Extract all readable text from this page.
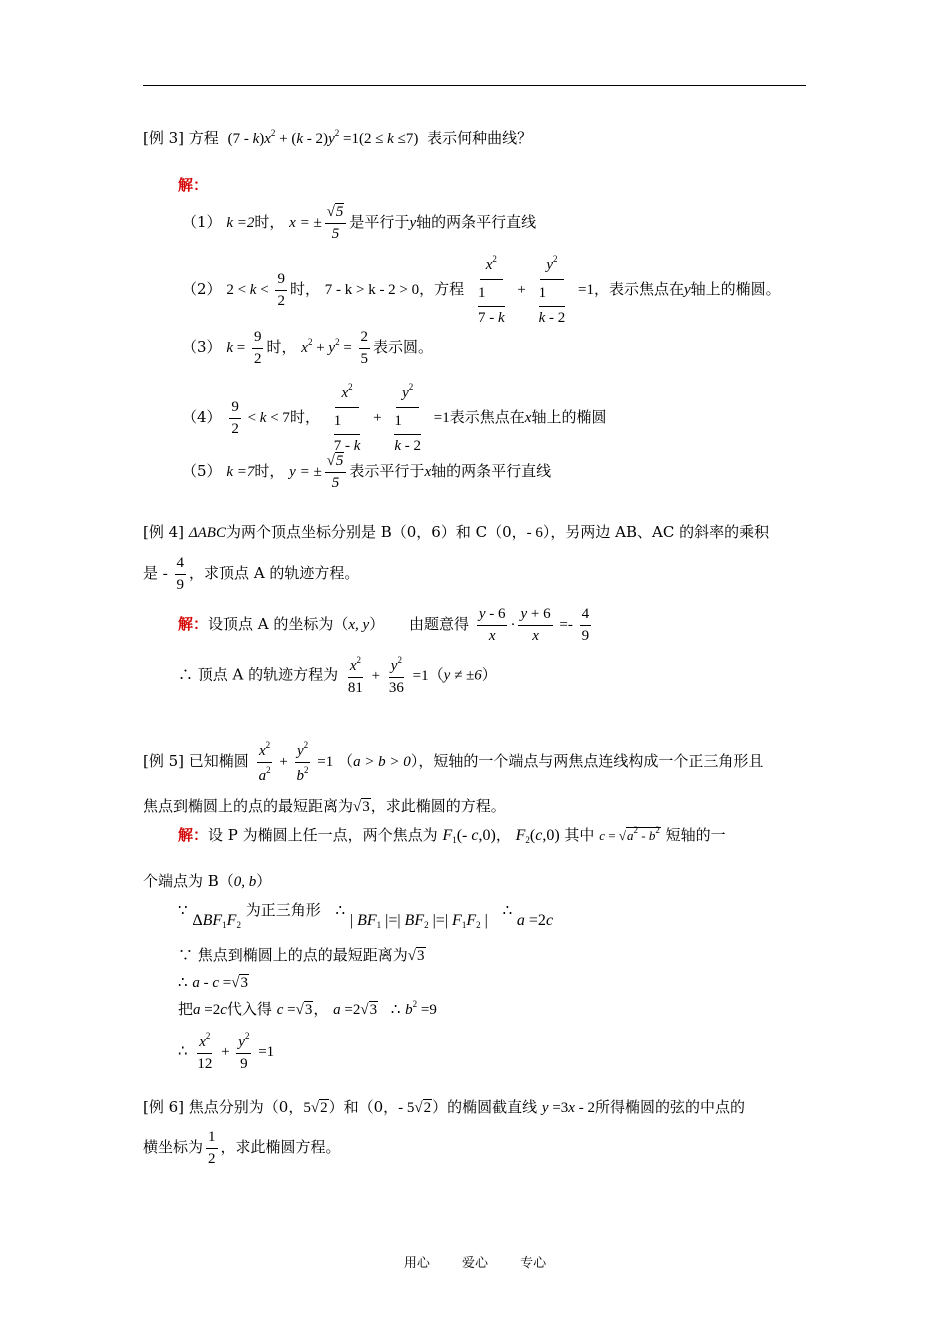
[例 3] 方程 $(7 - k)x^2 + (k - 2)y^2 =1(2 \le k \le 7)$ 表示何种曲线？
解：
（1） k =2时， x = ± $\frac{√5}{5}$ 是平行于y轴的两条平行直线
（2） $2 < k < \frac{9}{2}$ 时， 7 - k > k - 2 > 0，方程 $x^2$
1
$7 - k + y^2$
1
k - 2 =1，表示焦点在y轴上的椭圆。
（3） $k = \frac{9}{2}$ 时， $x^2 + y^2 = \frac{2}{5}$ 表示圆。
$(4) \frac{9}{2} < k < 7$时， $x^2$
1
$7 - k + y^2$
1
k - 2 =1表示焦点在x轴上的椭圆
（5） k =7时， y = ± $\frac{√5}{5}$ 表示平行于x轴的两条平行直线
[例 4] ΔABC为两个顶点坐标分别是 B（0，6）和 C（0，- 6），另两边 AB、AC 的斜率的乘积
是 - $\frac{4}{9}$ ，求顶点 A 的轨迹方程。
解：设顶点 A 的坐标为（x, y） 由题意得 $\frac{y - 6}{x} \cdot \frac{y + 6}{x} =- \frac{4}{9}$
∴ 顶点 A 的轨迹方程为 $\frac{x^2}{81} + \frac{y^2}{36} =1(y \ne \pm 6)$
[例 5] 已知椭圆 $\frac{x^2}{a^2} + \frac{y^2}{b^2} =1$ （a > b > 0），短轴的一个端点与两焦点连线构成一个正三角形且
焦点到椭圆上的点的最短距离为√3，求此椭圆的方程。
解：设 P 为椭圆上任一点，两个焦点为 $F_1(-$ c,0)， $F_2(c,0)$ 其中 $c = √a^2 - b^2$ 短轴的一
个端点为 B（0, b）
∵ $\Delta BF_1F_2$ 为正三角形 ∴ | $BF_1$ |=| $BF_2$ |=| $F_1F_2$ | ∴ a =2c
∵ 焦点到椭圆上的点的最短距离为√3
∴ a - c =√3
把a =2c代入得 c =√3， a =2√3 ∴ $b^2 =9$
∴ $\frac{x^2}{12} + \frac{y^2}{9} =1$
[例 6] 焦点分别为（0，5√2）和（0，- 5√2）的椭圆截直线 y =3x - 2所得椭圆的弦的中点的
横坐标为 $\frac{1}{2}$ ，求此椭圆方程。
用心 爱心 专心
